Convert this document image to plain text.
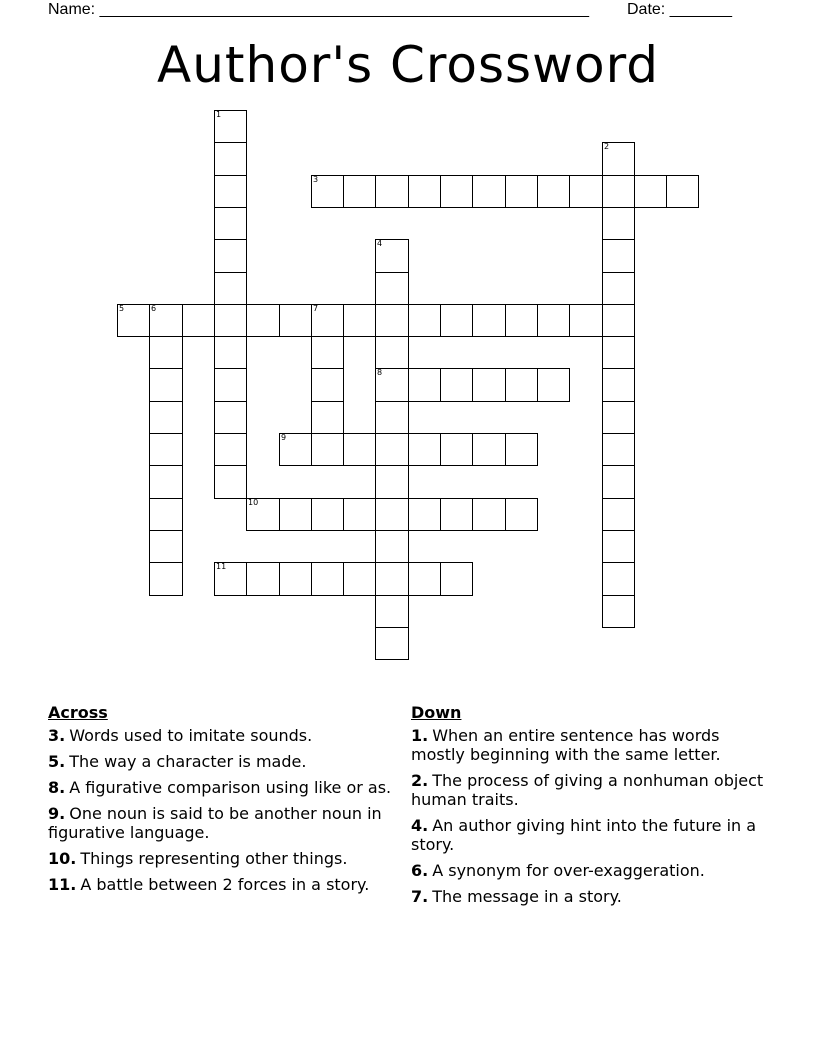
Name: _______________________________________________________ Date: _______
Author's Crossword
1
2
3
4
8
5	6	7
9
10
11
Across
3. Words used to imitate sounds.
5. The way a character is made.
8. A figurative comparison using like or as.
9. One noun is said to be another noun in figurative language.
10. Things representing other things.
11. A battle between 2 forces in a story.
Down
1. When an entire sentence has words mostly beginning with the same letter.
2. The process of giving a nonhuman object human traits.
4. An author giving hint into the future in a story.
6. A synonym for over-exaggeration.
7. The message in a story.
